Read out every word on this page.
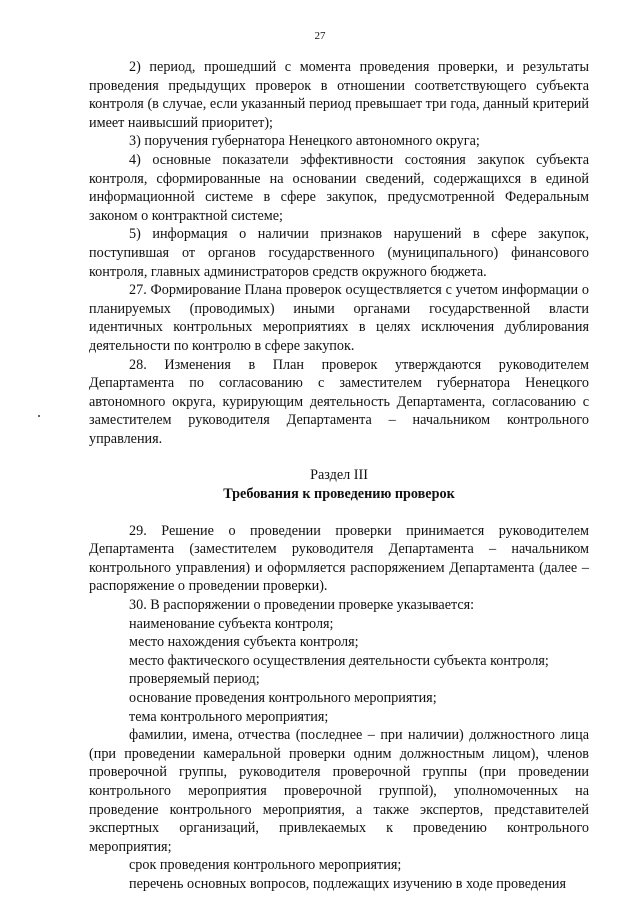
27

2) период, прошедший с момента проведения проверки, и результаты проведения предыдущих проверок в отношении соответствующего субъекта контроля (в случае, если указанный период превышает три года, данный критерий имеет наивысший приоритет);

3) поручения губернатора Ненецкого автономного округа;

4) основные показатели эффективности состояния закупок субъекта контроля, сформированные на основании сведений, содержащихся в единой информационной системе в сфере закупок, предусмотренной Федеральным законом о контрактной системе;

5) информация о наличии признаков нарушений в сфере закупок, поступившая от органов государственного (муниципального) финансового контроля, главных администраторов средств окружного бюджета.

27. Формирование Плана проверок осуществляется с учетом информации о планируемых (проводимых) иными органами государственной власти идентичных контрольных мероприятиях в целях исключения дублирования деятельности по контролю в сфере закупок.

28. Изменения в План проверок утверждаются руководителем Департамента по согласованию с заместителем губернатора Ненецкого автономного округа, курирующим деятельность Департамента, согласованию с заместителем руководителя Департамента – начальником контрольного управления.

Раздел III

Требования к проведению проверок

29. Решение о проведении проверки принимается руководителем Департамента (заместителем руководителя Департамента – начальником контрольного управления) и оформляется распоряжением Департамента (далее – распоряжение о проведении проверки).

30. В распоряжении о проведении проверке указывается:

наименование субъекта контроля;

место нахождения субъекта контроля;

место фактического осуществления деятельности субъекта контроля;

проверяемый период;

основание проведения контрольного мероприятия;

тема контрольного мероприятия;

фамилии, имена, отчества (последнее – при наличии) должностного лица (при проведении камеральной проверки одним должностным лицом), членов проверочной группы, руководителя проверочной группы (при проведении контрольного мероприятия проверочной группой), уполномоченных на проведение контрольного мероприятия, а также экспертов, представителей экспертных организаций, привлекаемых к проведению контрольного мероприятия;

срок проведения контрольного мероприятия;

перечень основных вопросов, подлежащих изучению в ходе проведения
